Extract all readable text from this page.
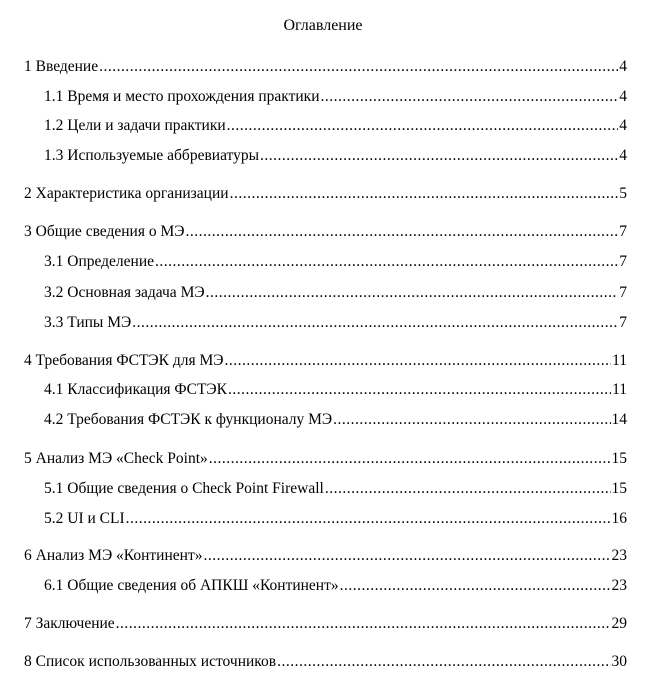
Оглавление
1 Введение .....	4
1.1 Время и место прохождения практики .....	4
1.2 Цели и задачи практики .....	4
1.3 Используемые аббревиатуры .....	4
2 Характеристика организации .....	5
3 Общие сведения о МЭ .....	7
3.1 Определение .....	7
3.2 Основная задача МЭ .....	7
3.3 Типы МЭ .....	7
4 Требования ФСТЭК для МЭ .....	11
4.1 Классификация ФСТЭК .....	11
4.2 Требования ФСТЭК к функционалу МЭ .....	14
5 Анализ МЭ «Check Point» .....	15
5.1 Общие сведения о Check Point Firewall .....	15
5.2 UI и CLI .....	16
6 Анализ МЭ «Континент» .....	23
6.1 Общие сведения об АПКШ «Континент» .....	23
7 Заключение .....	29
8 Список использованных источников .....	30
